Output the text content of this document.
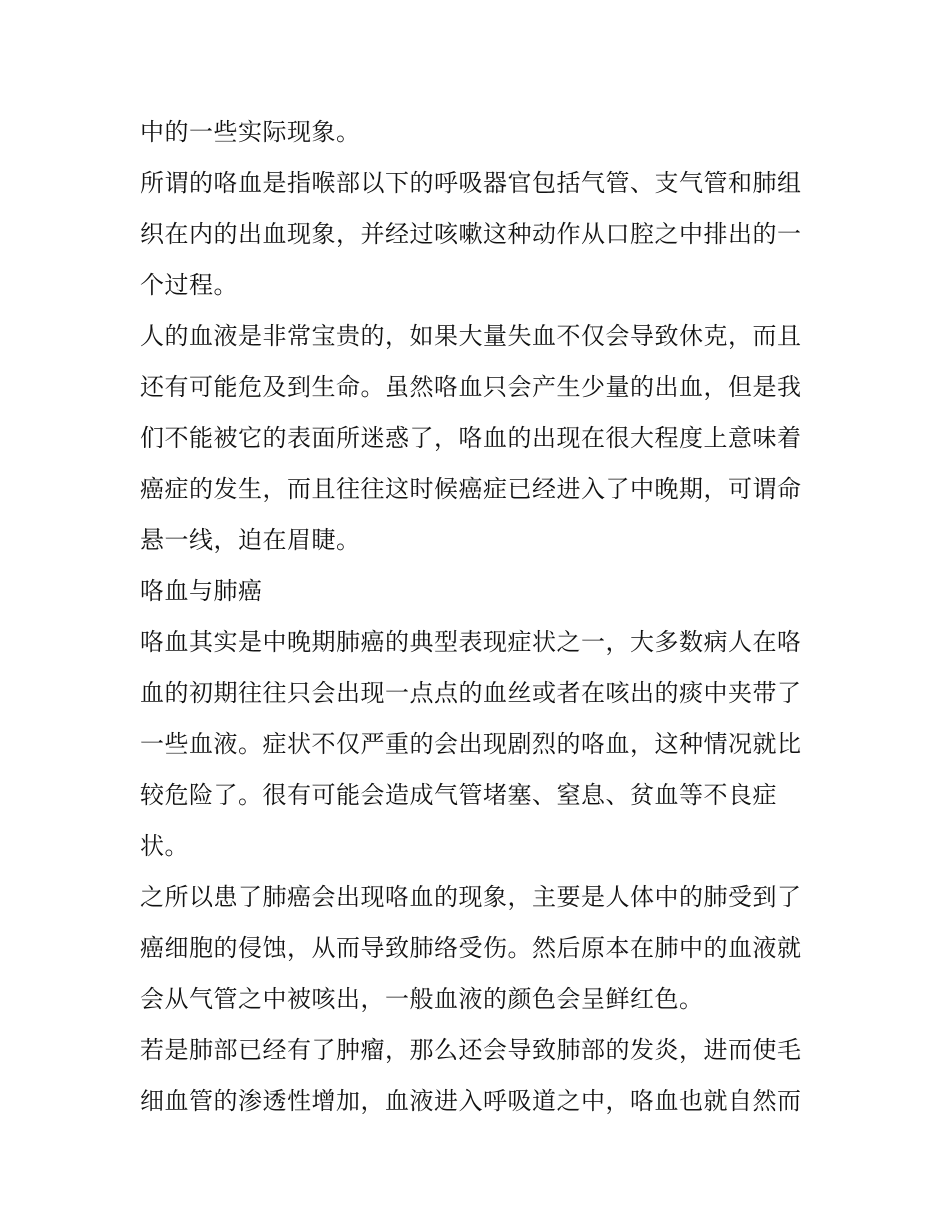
中的一些实际现象。
所谓的咯血是指喉部以下的呼吸器官包括气管、支气管和肺组
织在内的出血现象，并经过咳嗽这种动作从口腔之中排出的一
个过程。
人的血液是非常宝贵的，如果大量失血不仅会导致休克，而且
还有可能危及到生命。虽然咯血只会产生少量的出血，但是我
们不能被它的表面所迷惑了，咯血的出现在很大程度上意味着
癌症的发生，而且往往这时候癌症已经进入了中晚期，可谓命
悬一线，迫在眉睫。
咯血与肺癌
咯血其实是中晚期肺癌的典型表现症状之一，大多数病人在咯
血的初期往往只会出现一点点的血丝或者在咳出的痰中夹带了
一些血液。症状不仅严重的会出现剧烈的咯血，这种情况就比
较危险了。很有可能会造成气管堵塞、窒息、贫血等不良症
状。
之所以患了肺癌会出现咯血的现象，主要是人体中的肺受到了
癌细胞的侵蚀，从而导致肺络受伤。然后原本在肺中的血液就
会从气管之中被咳出，一般血液的颜色会呈鲜红色。
若是肺部已经有了肿瘤，那么还会导致肺部的发炎，进而使毛
细血管的渗透性增加，血液进入呼吸道之中，咯血也就自然而
